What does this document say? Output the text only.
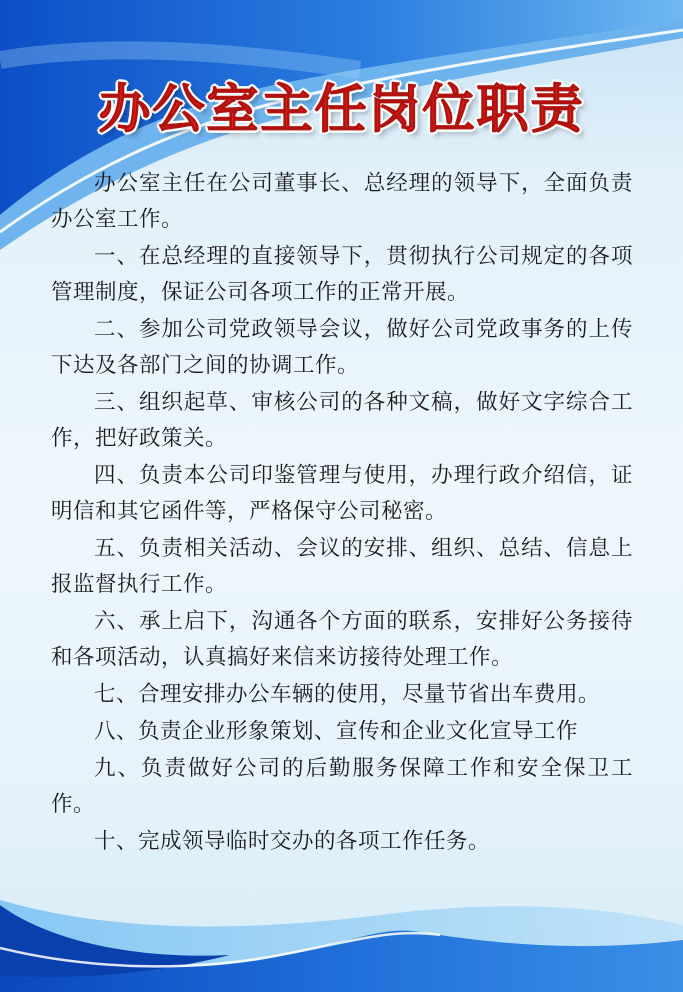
办公室主任岗位职责

办公室主任在公司董事长、总经理的领导下，全面负责办公室工作。

一、在总经理的直接领导下，贯彻执行公司规定的各项管理制度，保证公司各项工作的正常开展。

二、参加公司党政领导会议，做好公司党政事务的上传下达及各部门之间的协调工作。

三、组织起草、审核公司的各种文稿，做好文字综合工作，把好政策关。

四、负责本公司印鉴管理与使用，办理行政介绍信，证明信和其它函件等，严格保守公司秘密。

五、负责相关活动、会议的安排、组织、总结、信息上报监督执行工作。

六、承上启下，沟通各个方面的联系，安排好公务接待和各项活动，认真搞好来信来访接待处理工作。

七、合理安排办公车辆的使用，尽量节省出车费用。

八、负责企业形象策划、宣传和企业文化宣导工作

九、负责做好公司的后勤服务保障工作和安全保卫工作。

十、完成领导临时交办的各项工作任务。
